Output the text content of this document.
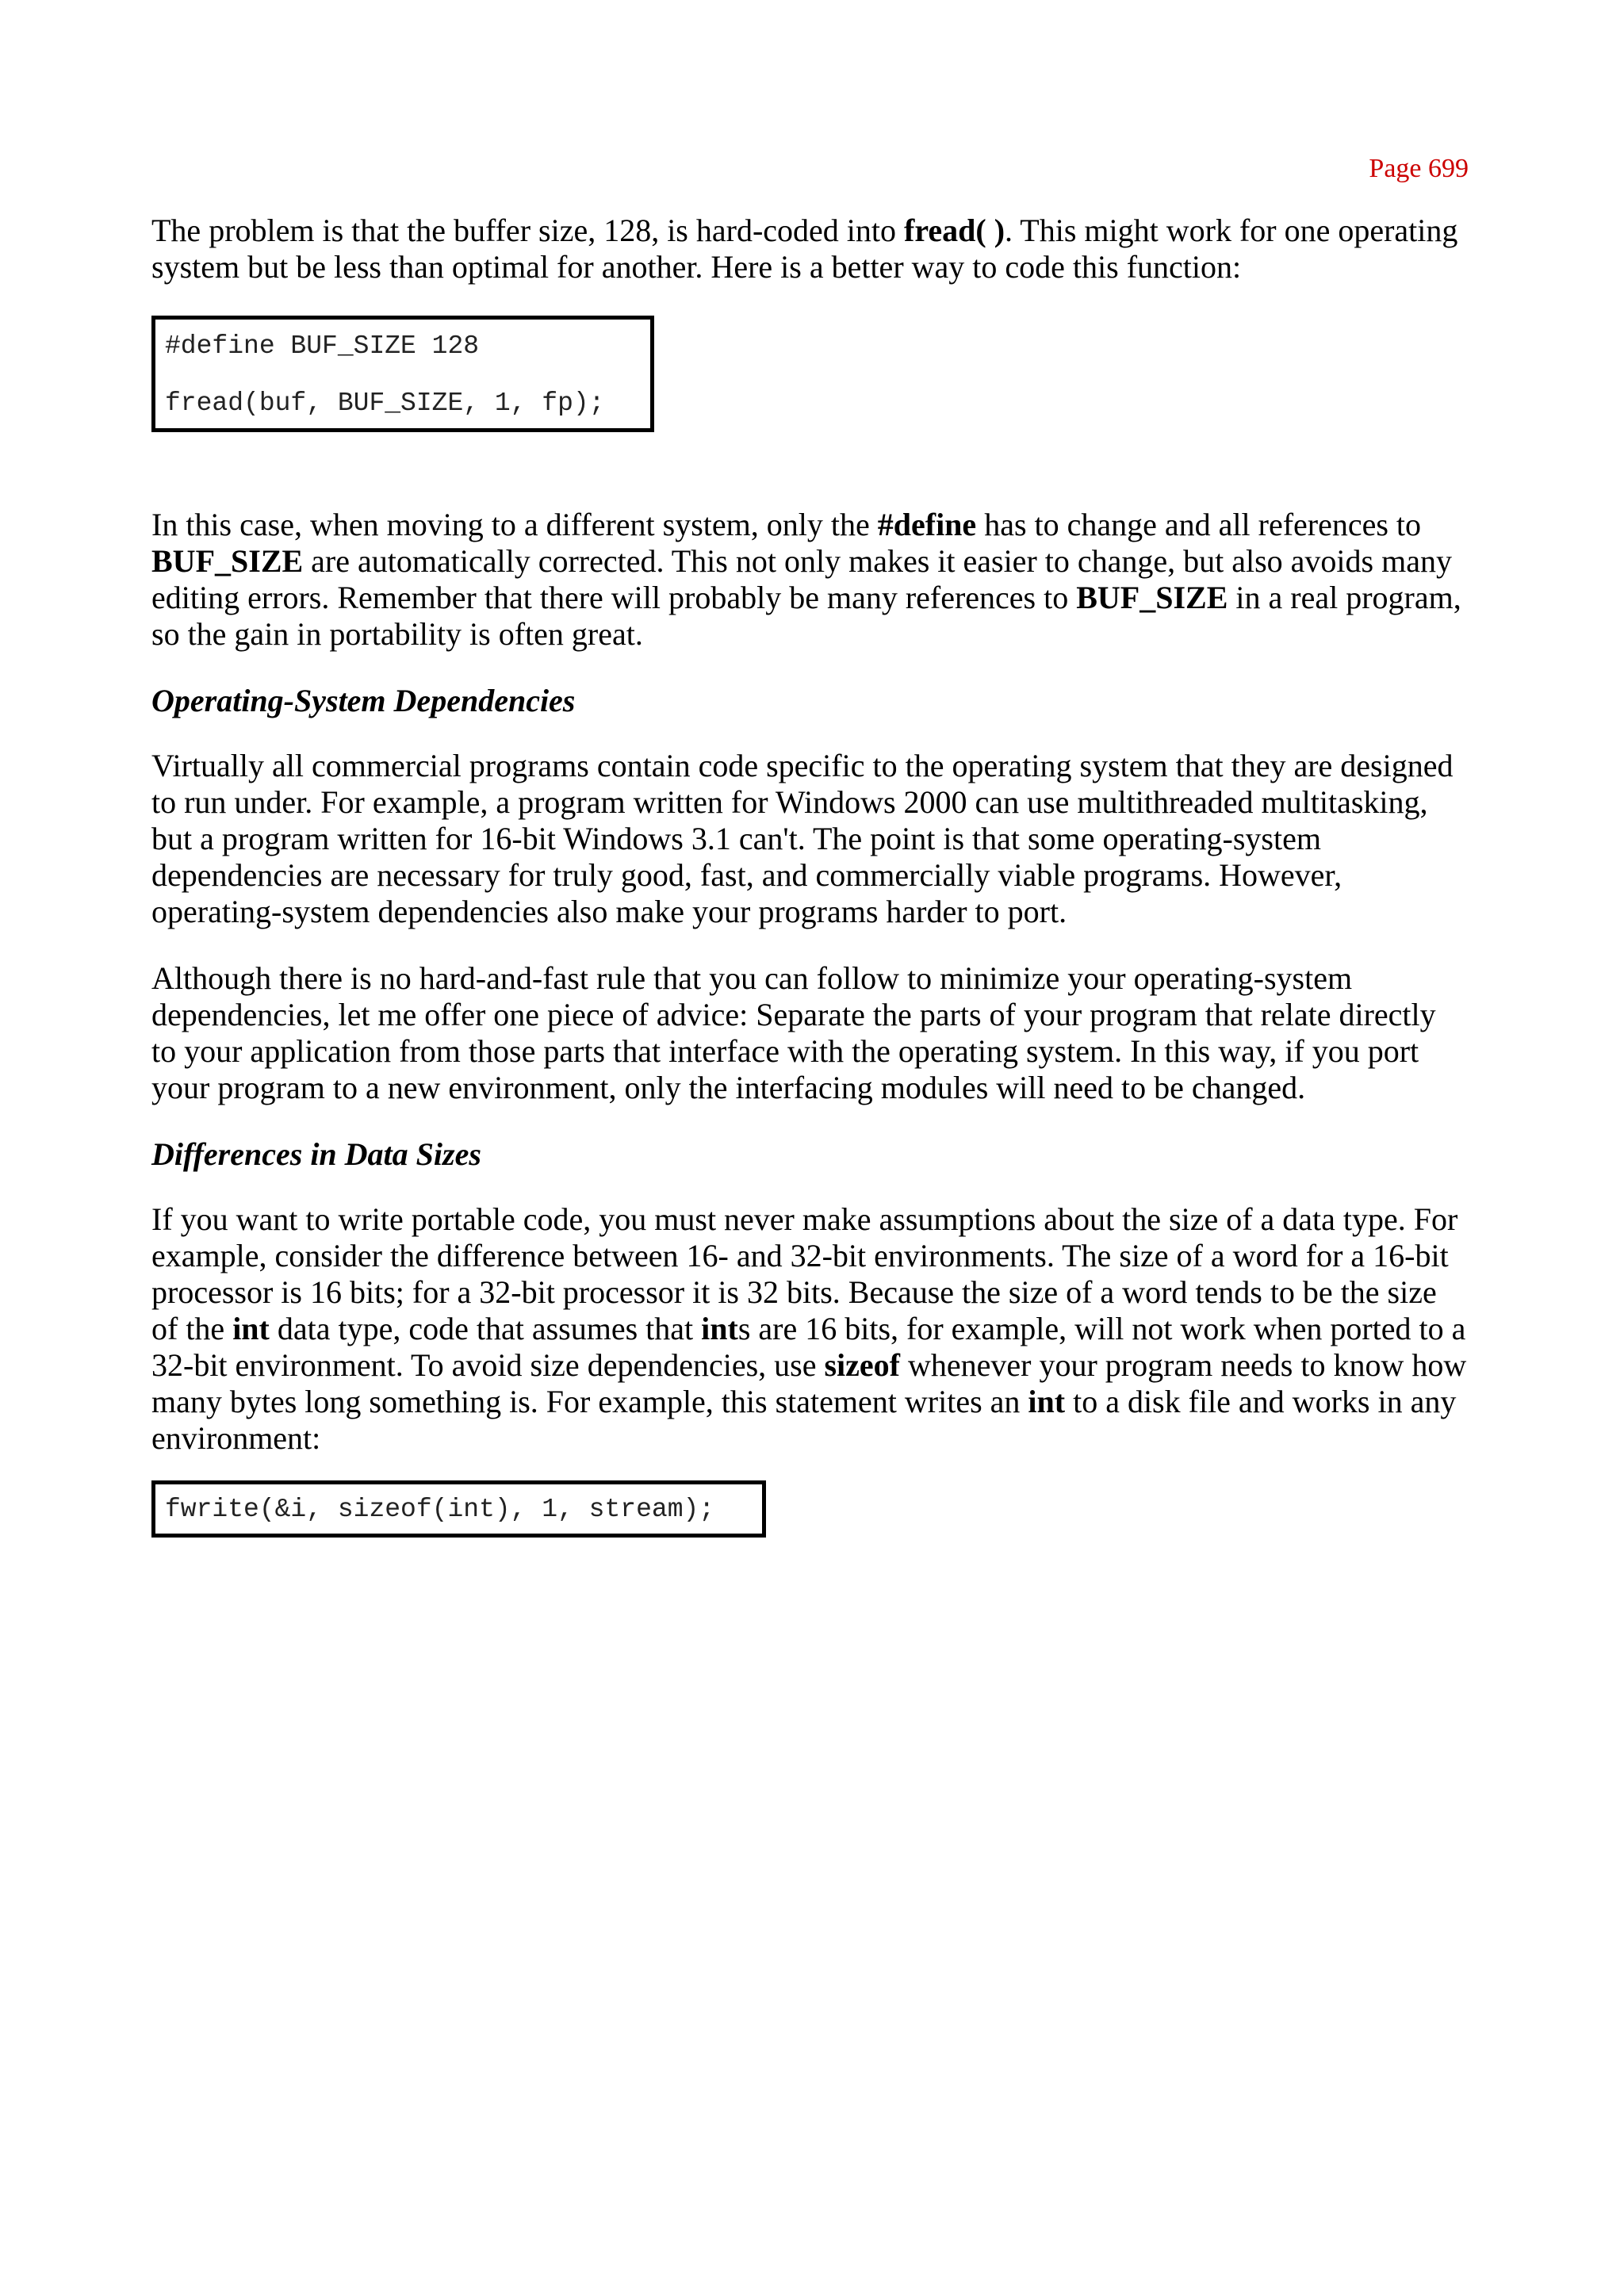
Page 699

The problem is that the buffer size, 128, is hard-coded into fread( ). This might work for one operating system but be less than optimal for another. Here is a better way to code this function:

#define BUF_SIZE 128
fread(buf, BUF_SIZE, 1, fp);

In this case, when moving to a different system, only the #define has to change and all references to BUF_SIZE are automatically corrected. This not only makes it easier to change, but also avoids many editing errors. Remember that there will probably be many references to BUF_SIZE in a real program, so the gain in portability is often great.

Operating-System Dependencies

Virtually all commercial programs contain code specific to the operating system that they are designed to run under. For example, a program written for Windows 2000 can use multithreaded multitasking, but a program written for 16-bit Windows 3.1 can't. The point is that some operating-system dependencies are necessary for truly good, fast, and commercially viable programs. However, operating-system dependencies also make your programs harder to port.

Although there is no hard-and-fast rule that you can follow to minimize your operating-system dependencies, let me offer one piece of advice: Separate the parts of your program that relate directly to your application from those parts that interface with the operating system. In this way, if you port your program to a new environment, only the interfacing modules will need to be changed.

Differences in Data Sizes

If you want to write portable code, you must never make assumptions about the size of a data type. For example, consider the difference between 16- and 32-bit environments. The size of a word for a 16-bit processor is 16 bits; for a 32-bit processor it is 32 bits. Because the size of a word tends to be the size of the int data type, code that assumes that ints are 16 bits, for example, will not work when ported to a 32-bit environment. To avoid size dependencies, use sizeof whenever your program needs to know how many bytes long something is. For example, this statement writes an int to a disk file and works in any environment:

fwrite(&i, sizeof(int), 1, stream);
